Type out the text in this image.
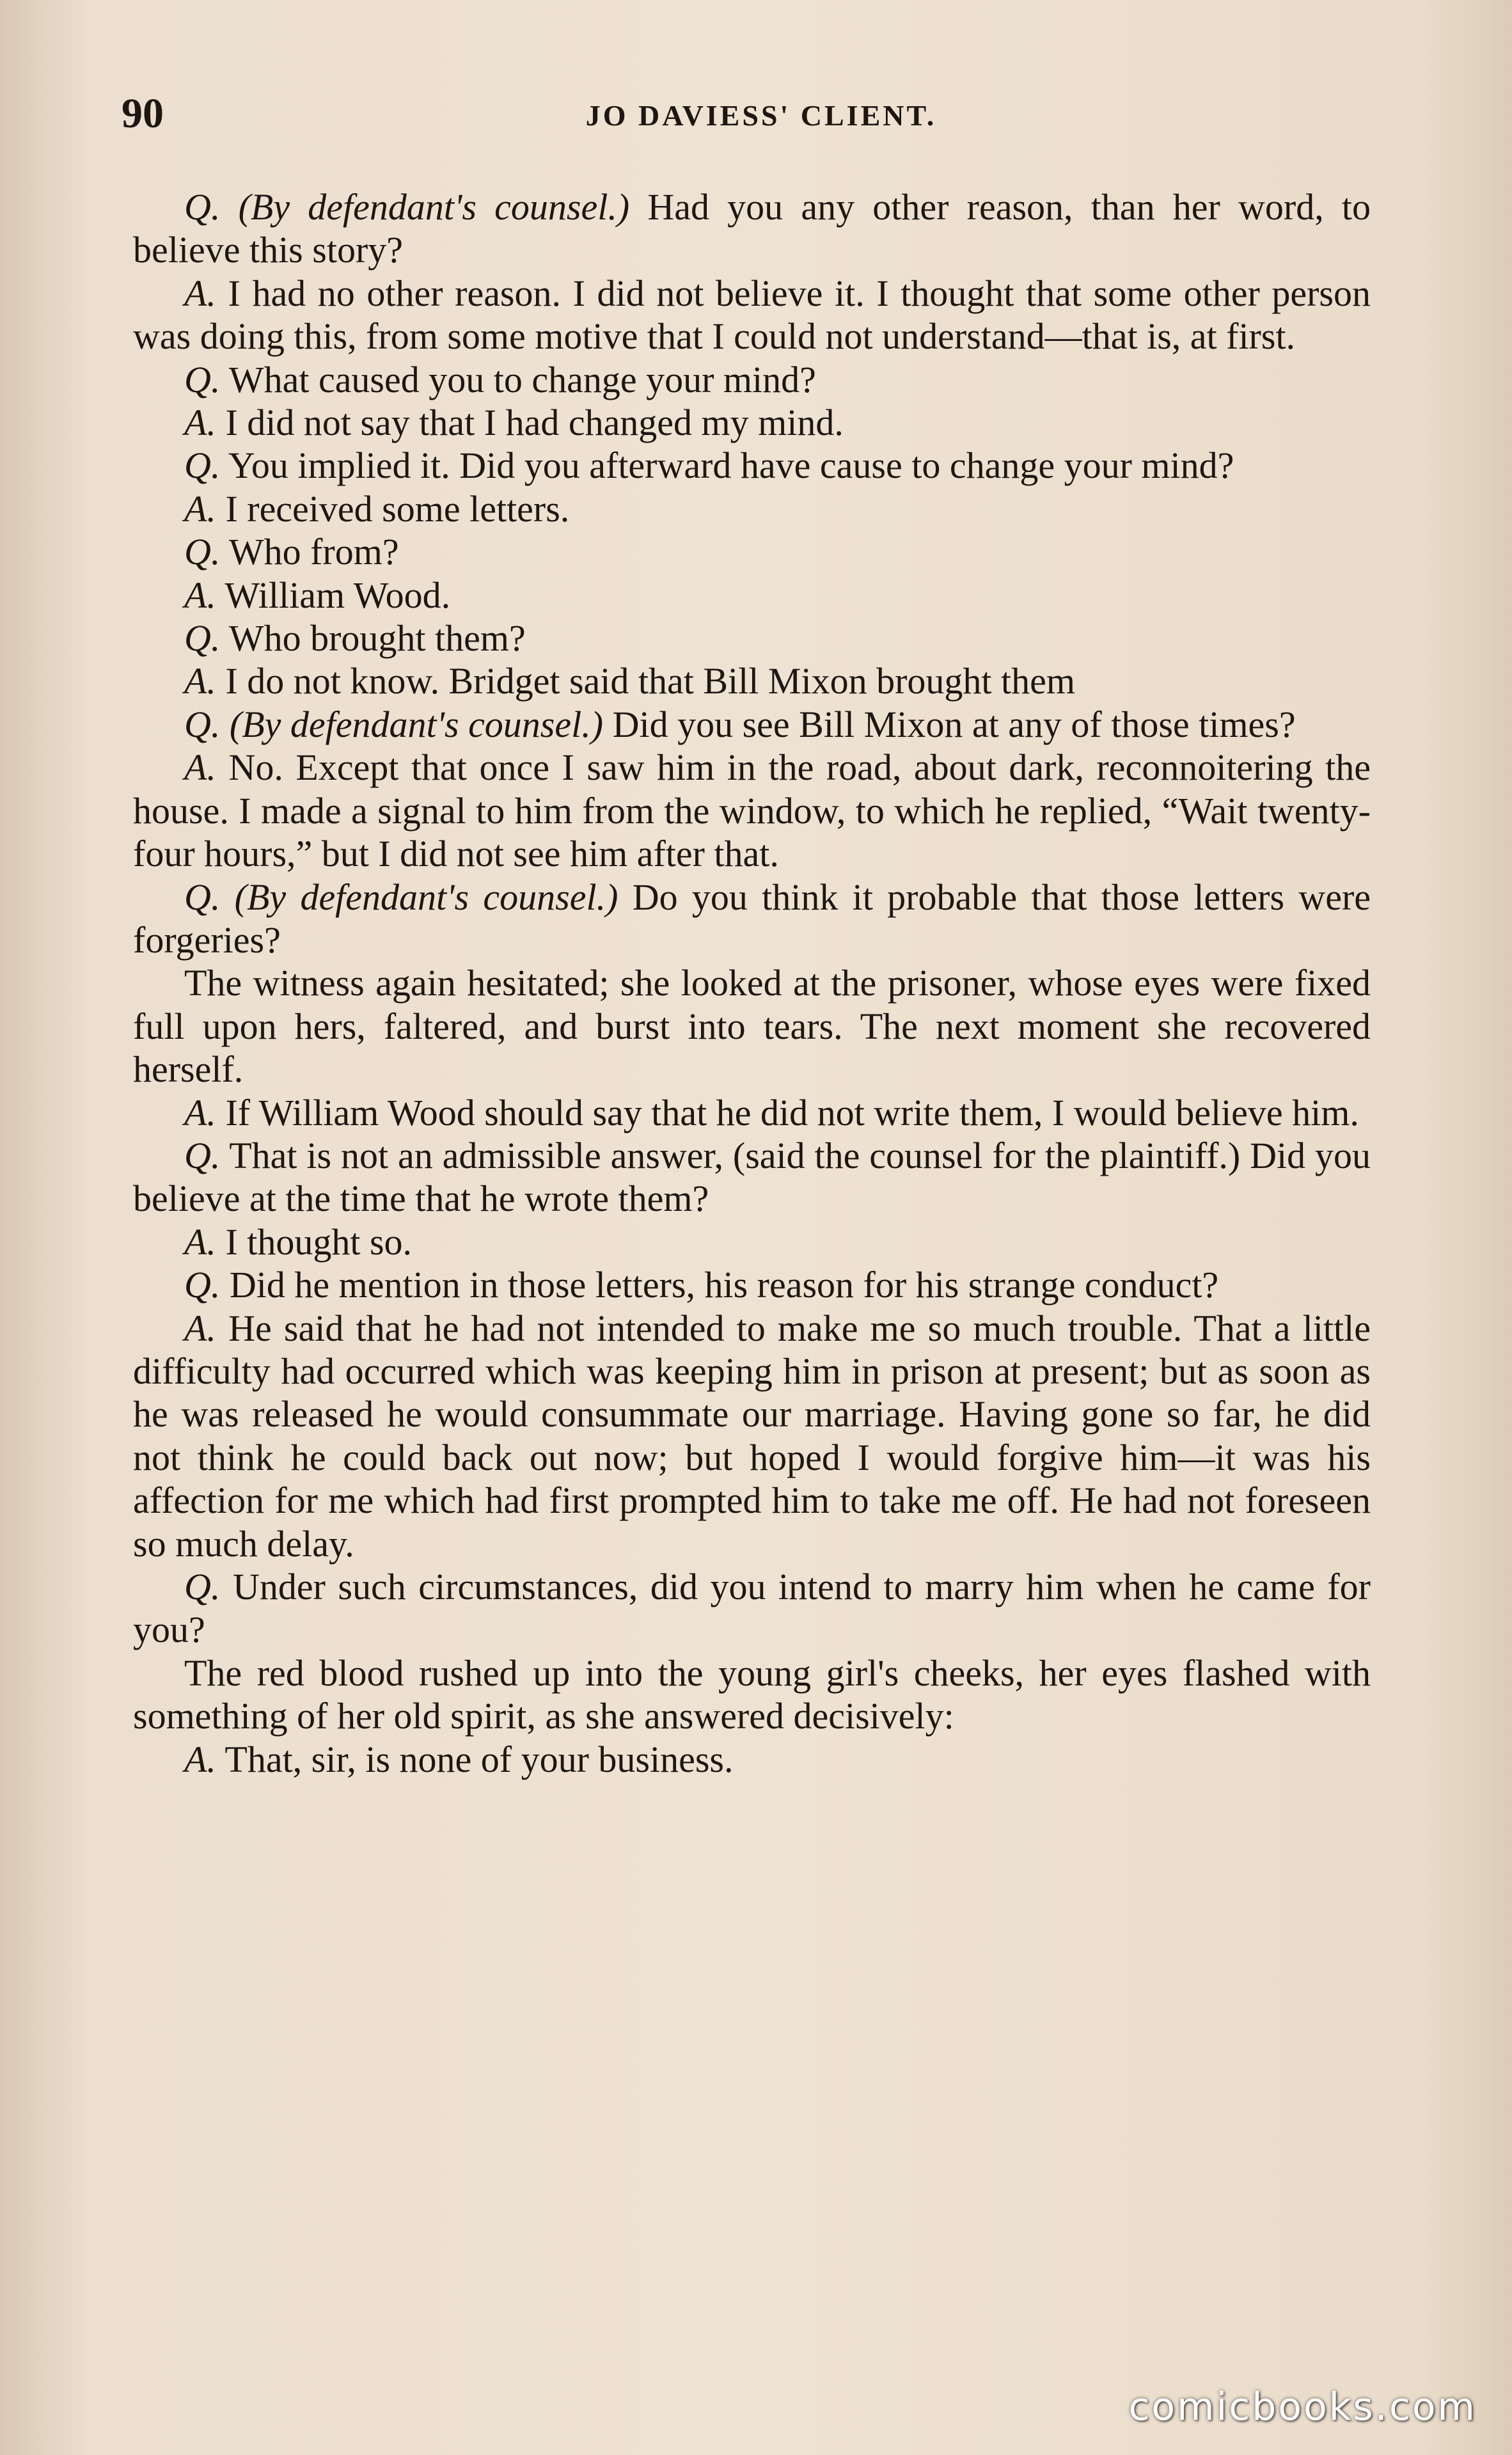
90	JO DAVIESS' CLIENT.

Q. (By defendant's counsel.) Had you any other reason, than her word, to believe this story?

A. I had no other reason. I did not believe it. I thought that some other person was doing this, from some motive that I could not understand—that is, at first.

Q. What caused you to change your mind?

A. I did not say that I had changed my mind.

Q. You implied it. Did you afterward have cause to change your mind?

A. I received some letters.

Q. Who from?

A. William Wood.

Q. Who brought them?

A. I do not know. Bridget said that Bill Mixon brought them

Q. (By defendant's counsel.) Did you see Bill Mixon at any of those times?

A. No. Except that once I saw him in the road, about dark, reconnoitering the house. I made a signal to him from the window, to which he replied, “Wait twenty-four hours,” but I did not see him after that.

Q. (By defendant's counsel.) Do you think it probable that those letters were forgeries?

The witness again hesitated; she looked at the prisoner, whose eyes were fixed full upon hers, faltered, and burst into tears. The next moment she recovered herself.

A. If William Wood should say that he did not write them, I would believe him.

Q. That is not an admissible answer, (said the counsel for the plaintiff.) Did you believe at the time that he wrote them?

A. I thought so.

Q. Did he mention in those letters, his reason for his strange conduct?

A. He said that he had not intended to make me so much trouble. That a little difficulty had occurred which was keeping him in prison at present; but as soon as he was released he would consummate our marriage. Having gone so far, he did not think he could back out now; but hoped I would forgive him—it was his affection for me which had first prompted him to take me off. He had not foreseen so much delay.

Q. Under such circumstances, did you intend to marry him when he came for you?

The red blood rushed up into the young girl's cheeks, her eyes flashed with something of her old spirit, as she answered decisively:

A. That, sir, is none of your business.

comicbooks.com
